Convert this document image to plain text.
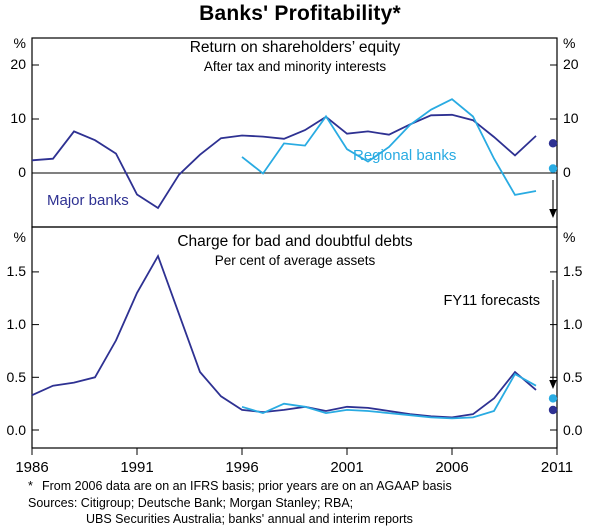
Banks' Profitability*
0
10
20
0
10
20
%	%
Return on shareholders’ equity
After tax and minority interests
Major banks
Regional banks
0.0
0.5
1.0
1.5
0.0
0.5
1.0
1.5
%	%
Charge for bad and doubtful debts
Per cent of average assets
FY11 forecasts
1986	1991	1996	2001	2006	2011
* From 2006 data are on an IFRS basis; prior years are on an AGAAP basis
Sources: Citigroup; Deutsche Bank; Morgan Stanley; RBA;
UBS Securities Australia; banks' annual and interim reports
